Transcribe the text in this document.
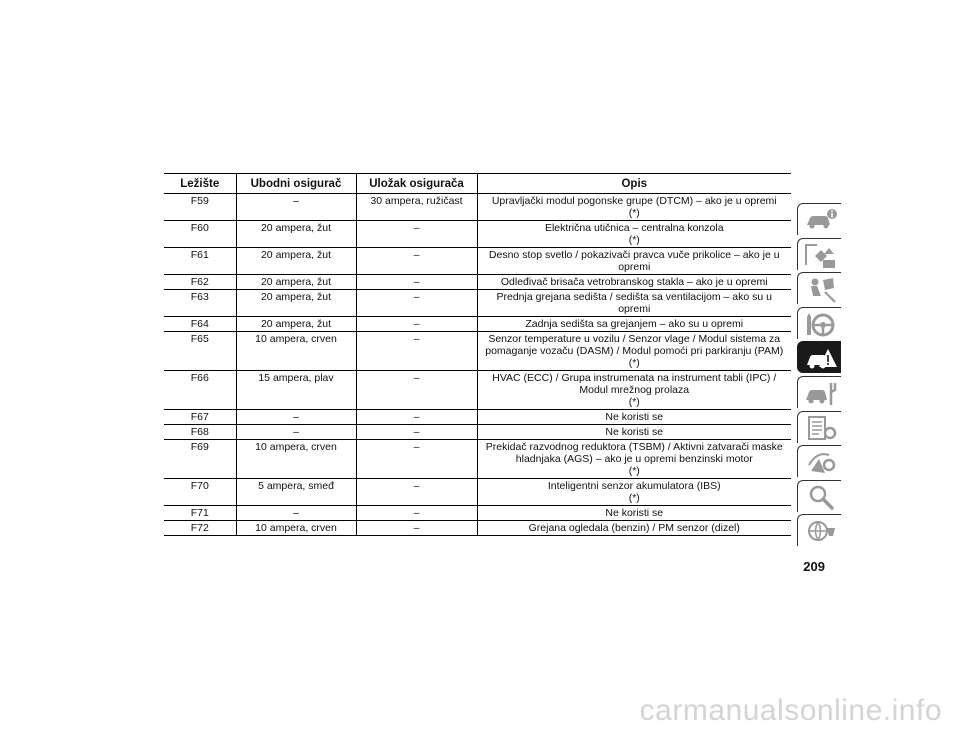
Ležište	Ubodni osigurač	Uložak osigurača	Opis
F59	–	30 ampera, ružičast	Upravljački modul pogonske grupe (DTCM) – ako je u opremi
(*)
F60	20 ampera, žut	–	Električna utičnica – centralna konzola
(*)
F61	20 ampera, žut	–	Desno stop svetlo / pokazivači pravca vuče prikolice – ako je u
opremi
F62	20 ampera, žut	–	Odleđivač brisača vetrobranskog stakla – ako je u opremi
F63	20 ampera, žut	–	Prednja grejana sedišta / sedišta sa ventilacijom – ako su u opremi
F64	20 ampera, žut	–	Zadnja sedišta sa grejanjem – ako su u opremi
F65	10 ampera, crven	–	Senzor temperature u vozilu / Senzor vlage / Modul sistema za
pomaganje vozaču (DASM) / Modul pomoći pri parkiranju (PAM)
(*)
F66	15 ampera, plav	–	HVAC (ECC) / Grupa instrumenata na instrument tabli (IPC) /
Modul mrežnog prolaza
(*)
F67	–	–	Ne koristi se
F68	–	–	Ne koristi se
F69	10 ampera, crven	–	Prekidač razvodnog reduktora (TSBM) / Aktivni zatvarači maske
hladnjaka (AGS) – ako je u opremi benzinski motor
(*)
F70	5 ampera, smeđ	–	Inteligentni senzor akumulatora (IBS)
(*)
F71	–	–	Ne koristi se
F72	10 ampera, crven	–	Grejana ogledala (benzin) / PM senzor (dizel)
209
carmanualsonline.info
